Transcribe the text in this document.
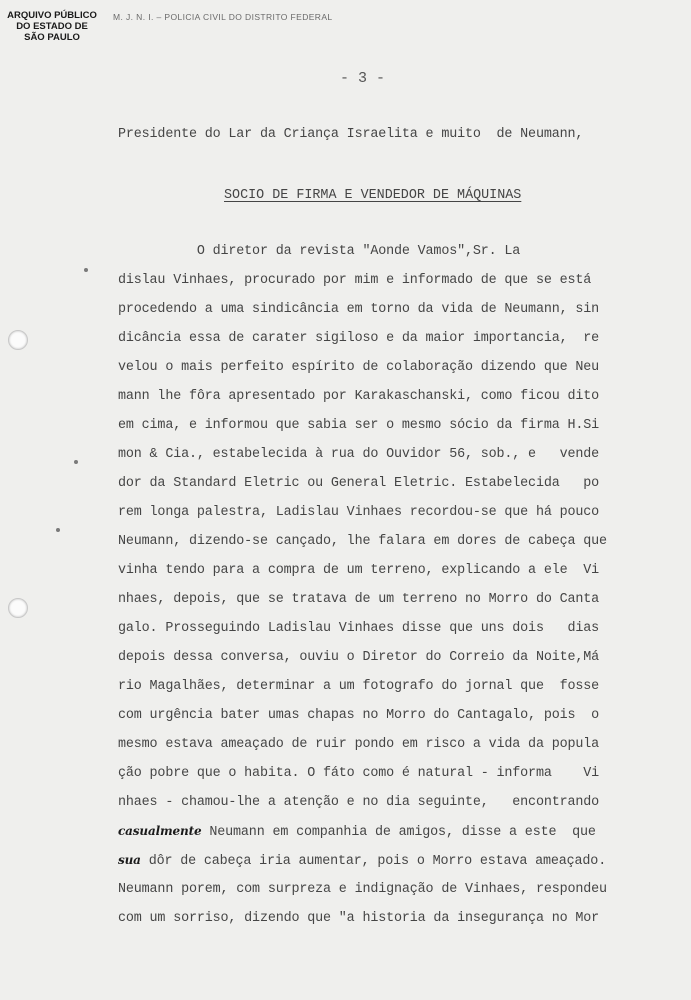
ARQUIVO PÚBLICO
DO ESTADO DE
SÃO PAULO
M. J. N. I. – POLICIA CIVIL DO DISTRITO FEDERAL
- 3 -
Presidente do Lar da Criança Israelita e muito  de Neumann,
SOCIO DE FIRMA E VENDEDOR DE MÁQUINAS
O diretor da revista "Aonde Vamos",Sr. La
dislau Vinhaes, procurado por mim e informado de que se está
procedendo a uma sindicância em torno da vida de Neumann, sin
dicância essa de carater sigiloso e da maior importancia,  re
velou o mais perfeito espírito de colaboração dizendo que Neu
mann lhe fôra apresentado por Karakaschanski, como ficou dito
em cima, e informou que sabia ser o mesmo sócio da firma H.Si
mon & Cia., estabelecida à rua do Ouvidor 56, sob., e   vende
dor da Standard Eletric ou General Eletric. Estabelecida   po
rem longa palestra, Ladislau Vinhaes recordou-se que há pouco
Neumann, dizendo-se cançado, lhe falara em dores de cabeça que
vinha tendo para a compra de um terreno, explicando a ele  Vi
nhaes, depois, que se tratava de um terreno no Morro do Canta
galo. Prosseguindo Ladislau Vinhaes disse que uns dois   dias
depois dessa conversa, ouviu o Diretor do Correio da Noite,Má
rio Magalhães, determinar a um fotografo do jornal que  fosse
com urgência bater umas chapas no Morro do Cantagalo, pois  o
mesmo estava ameaçado de ruir pondo em risco a vida da popula
ção pobre que o habita. O fáto como é natural - informa    Vi
nhaes - chamou-lhe a atenção e no dia seguinte,   encontrando
casualmente Neumann em companhia de amigos, disse a este  que
sua dôr de cabeça iria aumentar, pois o Morro estava ameaçado.
Neumann porem, com surpreza e indignação de Vinhaes, respondeu
com um sorriso, dizendo que "a historia da insegurança no Mor
